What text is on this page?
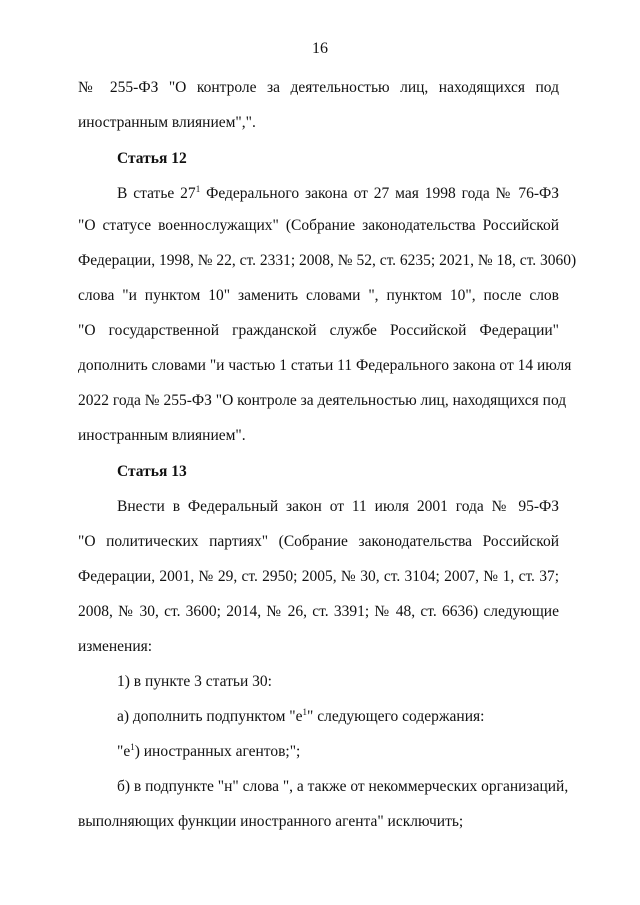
16
№ 255-ФЗ "О контроле за деятельностью лиц, находящихся под
иностранным влиянием",".
Статья 12
В статье $27^1$ Федерального закона от 27 мая 1998 года № 76-ФЗ
"О статусе военнослужащих" (Собрание законодательства Российской
Федерации, 1998, № 22, ст. 2331; 2008, № 52, ст. 6235; 2021, № 18, ст. 3060)
слова "и пунктом 10" заменить словами ", пунктом 10", после слов
"О государственной гражданской службе Российской Федерации"
дополнить словами "и частью 1 статьи 11 Федерального закона от 14 июля
2022 года № 255-ФЗ "О контроле за деятельностью лиц, находящихся под
иностранным влиянием".
Статья 13
Внести в Федеральный закон от 11 июля 2001 года № 95-ФЗ
"О политических партиях" (Собрание законодательства Российской
Федерации, 2001, № 29, ст. 2950; 2005, № 30, ст. 3104; 2007, № 1, ст. 37;
2008, № 30, ст. 3600; 2014, № 26, ст. 3391; № 48, ст. 6636) следующие
изменения:
1) в пункте 3 статьи 30:
а) дополнить подпунктом "$е^1$" следующего содержания:
"$е^1$) иностранных агентов;";
б) в подпункте "н" слова ", а также от некоммерческих организаций,
выполняющих функции иностранного агента" исключить;
